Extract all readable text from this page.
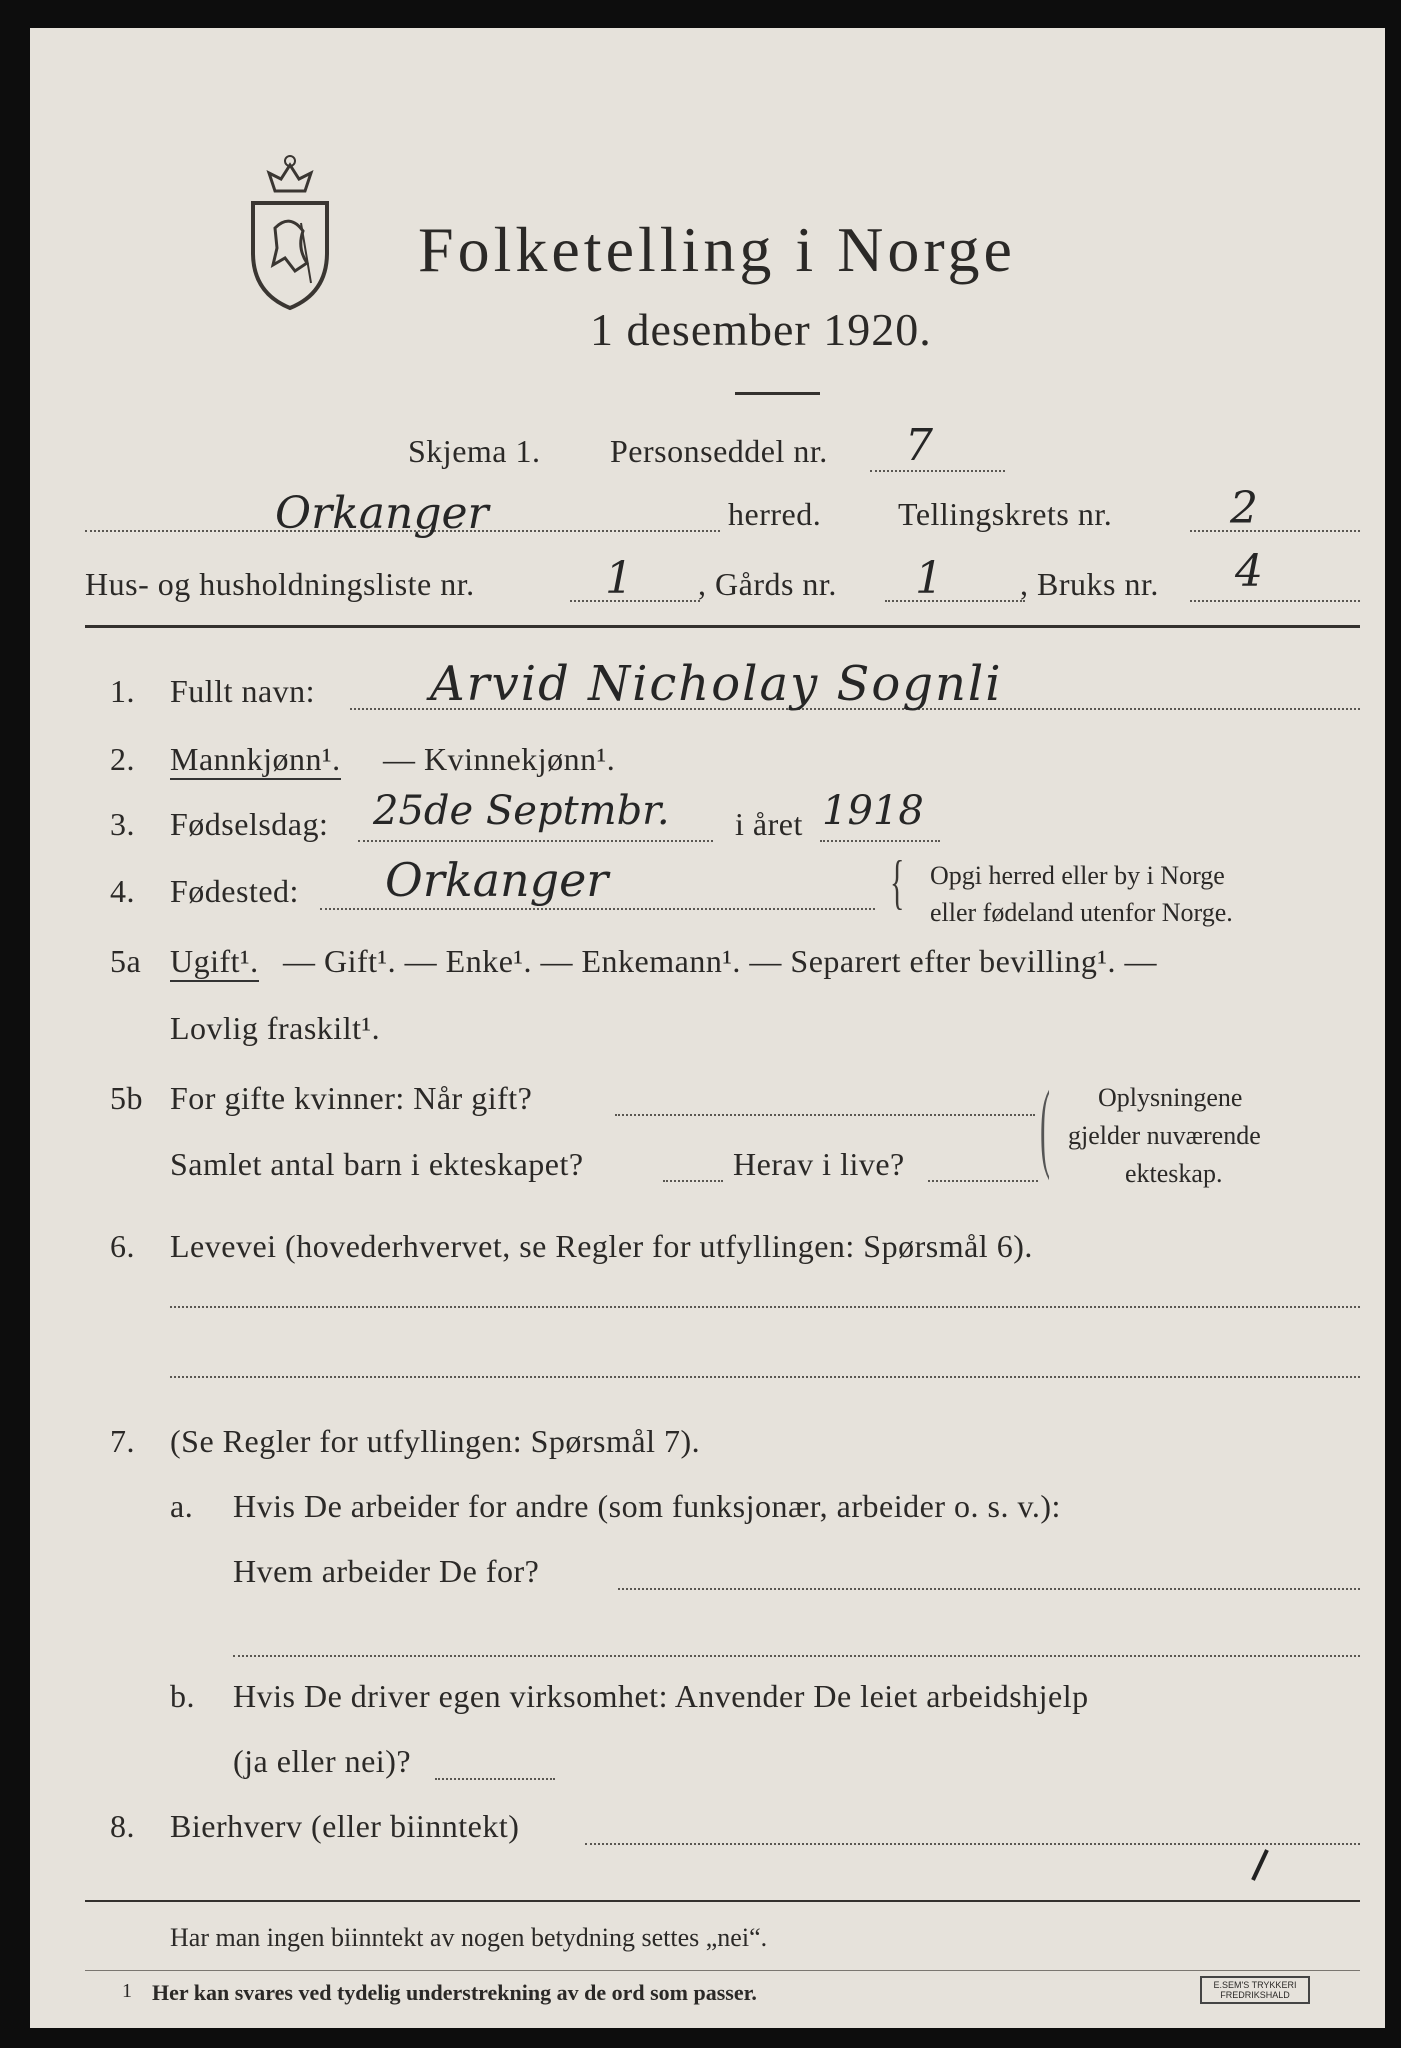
Folketelling i Norge
1 desember 1920.
Skjema 1. Personseddel nr. 7
Orkanger	herred. Tellingskrets nr.	2
Hus- og husholdningsliste nr.	1 , Gårds nr. 1 , Bruks nr. 4
1. Fullt navn: Arvid Nicholay Sognli
2. Mannkjønn¹. — Kvinnekjønn¹.
3. Fødselsdag: 25de Septmbr. i året 1918
4. Fødested: Orkanger	{ Opgi herred eller by i Norge
eller fødeland utenfor Norge.
5a Ugift¹. — Gift¹. — Enke¹. — Enkemann¹. — Separert efter bevilling¹. —
Lovlig fraskilt¹.
5b For gifte kvinner: Når gift?
Samlet antal barn i ekteskapet?	Herav i live? ( Oplysningene
gjelder nuværende
ekteskap.
6. Levevei (hovederhvervet, se Regler for utfyllingen: Spørsmål 6).
7. (Se Regler for utfyllingen: Spørsmål 7).
a. Hvis De arbeider for andre (som funksjonær, arbeider o. s. v.):
Hvem arbeider De for?
b. Hvis De driver egen virksomhet: Anvender De leiet arbeidshjelp
(ja eller nei)?
8. Bierhverv (eller biinntekt)
Har man ingen biinntekt av nogen betydning settes „nei“.
1 Her kan svares ved tydelig understrekning av de ord som passer.	E.SEM'S TRYKKERI FREDRIKSHALD
